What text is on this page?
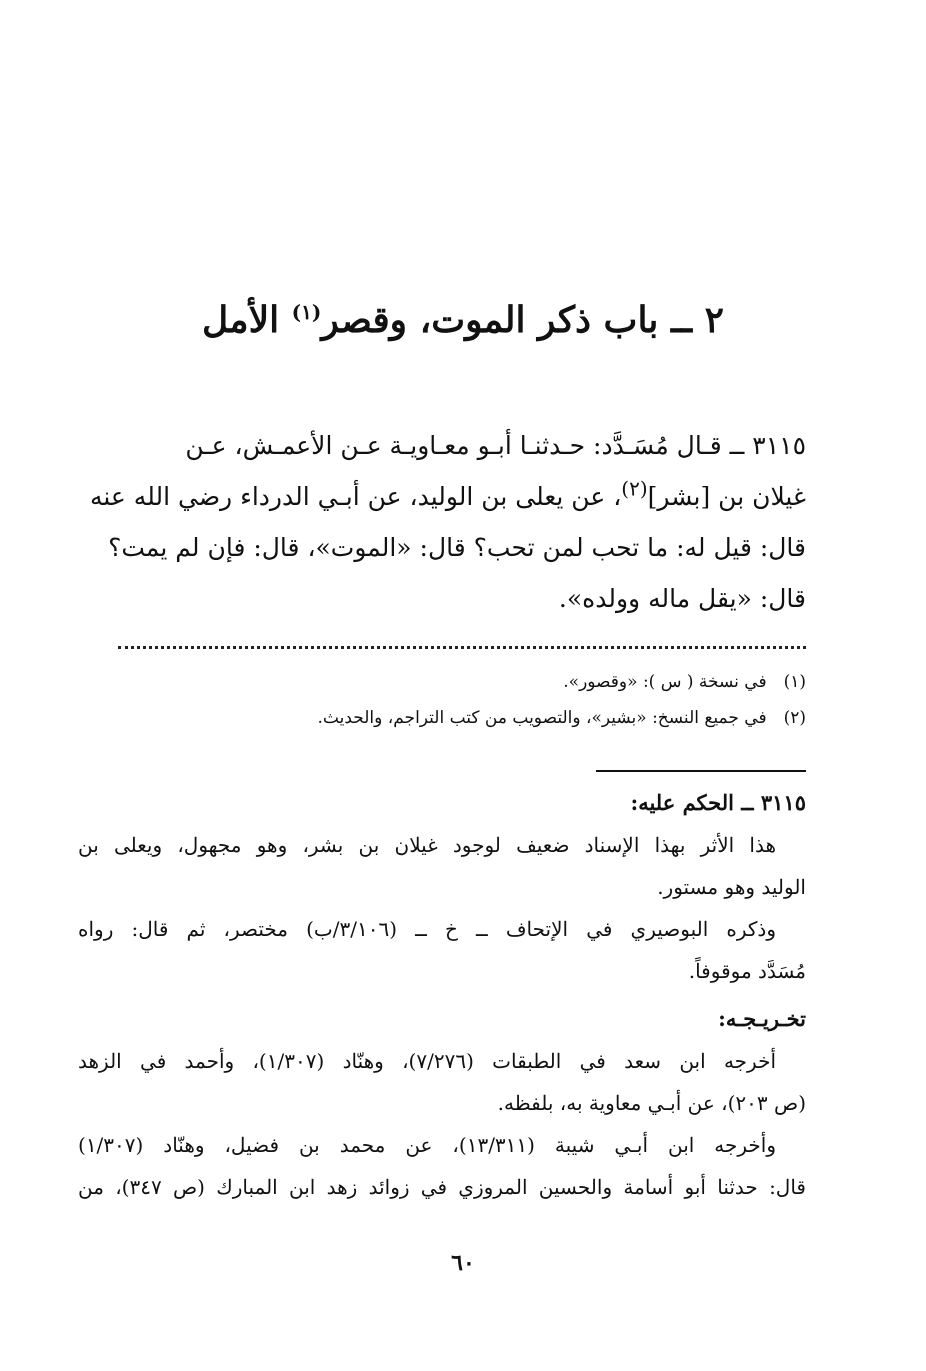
٢ ــ باب ذكر الموت، وقصر$^{(١)}$ الأمل
٣١١٥ ــ قـال مُسَـدَّد: حـدثنـا أبـو معـاويـة عـن الأعمـش، عـن
غيلان بن [بشر]$^{(٢)}$، عن يعلى بن الوليد، عن أبـي الدرداء رضي الله عنه
قال: قيل له: ما تحب لمن تحب؟ قال: «الموت»، قال: فإن لم يمت؟
قال: «يقل ماله وولده».
(١) في نسخة ( س ): «وقصور».
(٢) في جميع النسخ: «بشير»، والتصويب من كتب التراجم، والحديث.
٣١١٥ ــ الحكم عليه:
هذا الأثر بهذا الإسناد ضعيف لوجود غيلان بن بشر، وهو مجهول، ويعلى بن
الوليد وهو مستور.
وذكره البوصيري في الإتحاف ــ خ ــ (٣/١٠٦/ب) مختصر، ثم قال: رواه
مُسَدَّد موقوفاً.
تخـريـجـه:
أخرجه ابن سعد في الطبقات (٧/٢٧٦)، وهنّاد (١/٣٠٧)، وأحمد في الزهد
(ص ٢٠٣)، عن أبـي معاوية به، بلفظه.
وأخرجه ابن أبـي شيبة (١٣/٣١١)، عن محمد بن فضيل، وهنّاد (١/٣٠٧)
قال: حدثنا أبو أسامة والحسين المروزي في زوائد زهد ابن المبارك (ص ٣٤٧)، من
٦٠
